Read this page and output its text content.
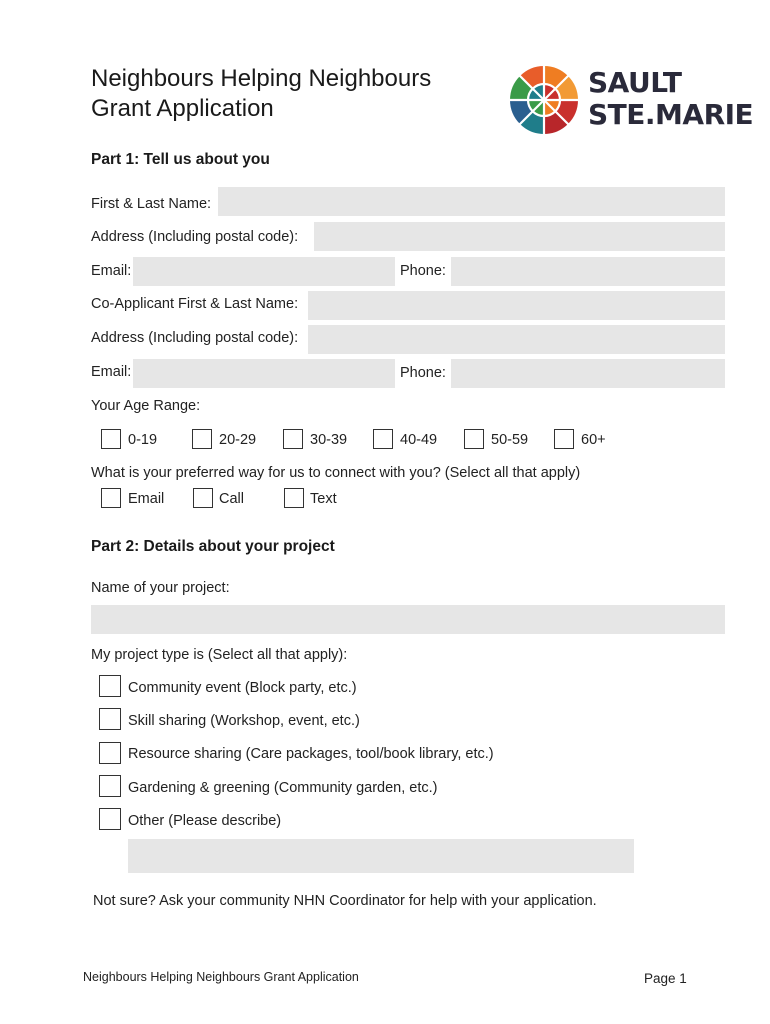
Neighbours Helping Neighbours
Grant Application
SAULT
STE.MARIE
Part 1: Tell us about you
First & Last Name:
Address (Including postal code):
Email:	Phone:
Co-Applicant First & Last Name:
Address (Including postal code):
Email:	Phone:
Your Age Range:
0-19	20-29	30-39	40-49	50-59	60+
What is your preferred way for us to connect with you? (Select all that apply)
Email	Call	Text
Part 2: Details about your project
Name of your project:
My project type is (Select all that apply):
Community event (Block party, etc.)
Skill sharing (Workshop, event, etc.)
Resource sharing (Care packages, tool/book library, etc.)
Gardening & greening (Community garden, etc.)
Other (Please describe)
Not sure? Ask your community NHN Coordinator for help with your application.
Neighbours Helping Neighbours Grant Application	Page 1
